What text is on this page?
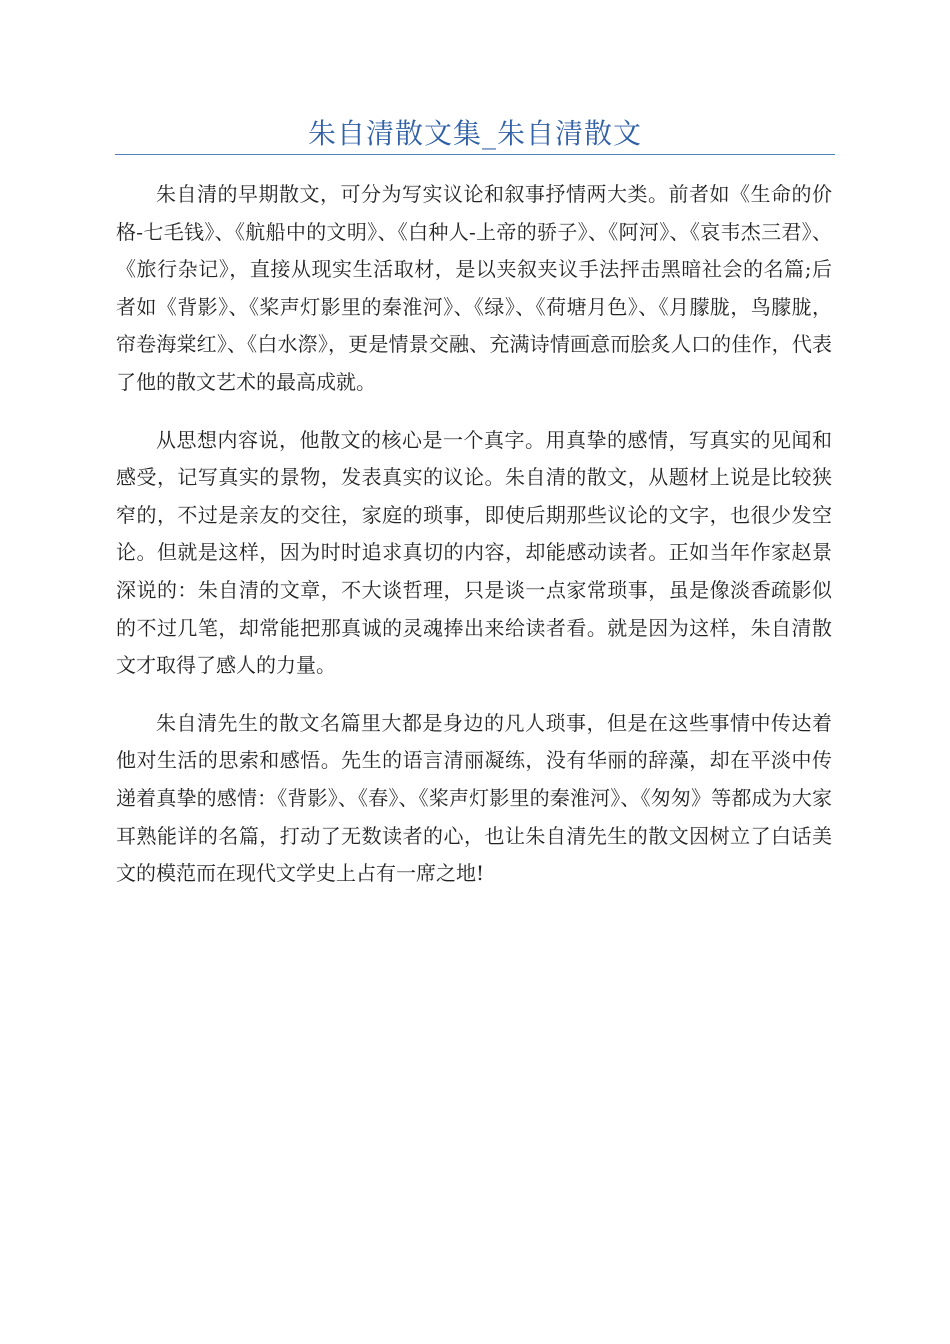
朱自清散文集_朱自清散文

朱自清的早期散文，可分为写实议论和叙事抒情两大类。前者如《生命的价格-七毛钱》、《航船中的文明》、《白种人-上帝的骄子》、《阿河》、《哀韦杰三君》、《旅行杂记》，直接从现实生活取材，是以夹叙夹议手法抨击黑暗社会的名篇;后者如《背影》、《桨声灯影里的秦淮河》、《绿》、《荷塘月色》、《月朦胧，鸟朦胧，帘卷海棠红》、《白水漈》，更是情景交融、充满诗情画意而脍炙人口的佳作，代表了他的散文艺术的最高成就。

从思想内容说，他散文的核心是一个真字。用真挚的感情，写真实的见闻和感受，记写真实的景物，发表真实的议论。朱自清的散文，从题材上说是比较狭窄的，不过是亲友的交往，家庭的琐事，即使后期那些议论的文字，也很少发空论。但就是这样，因为时时追求真切的内容，却能感动读者。正如当年作家赵景深说的：朱自清的文章，不大谈哲理，只是谈一点家常琐事，虽是像淡香疏影似的不过几笔，却常能把那真诚的灵魂捧出来给读者看。就是因为这样，朱自清散文才取得了感人的力量。

朱自清先生的散文名篇里大都是身边的凡人琐事，但是在这些事情中传达着他对生活的思索和感悟。先生的语言清丽凝练，没有华丽的辞藻，却在平淡中传递着真挚的感情：《背影》、《春》、《桨声灯影里的秦淮河》、《匆匆》等都成为大家耳熟能详的名篇，打动了无数读者的心，也让朱自清先生的散文因树立了白话美文的模范而在现代文学史上占有一席之地!
